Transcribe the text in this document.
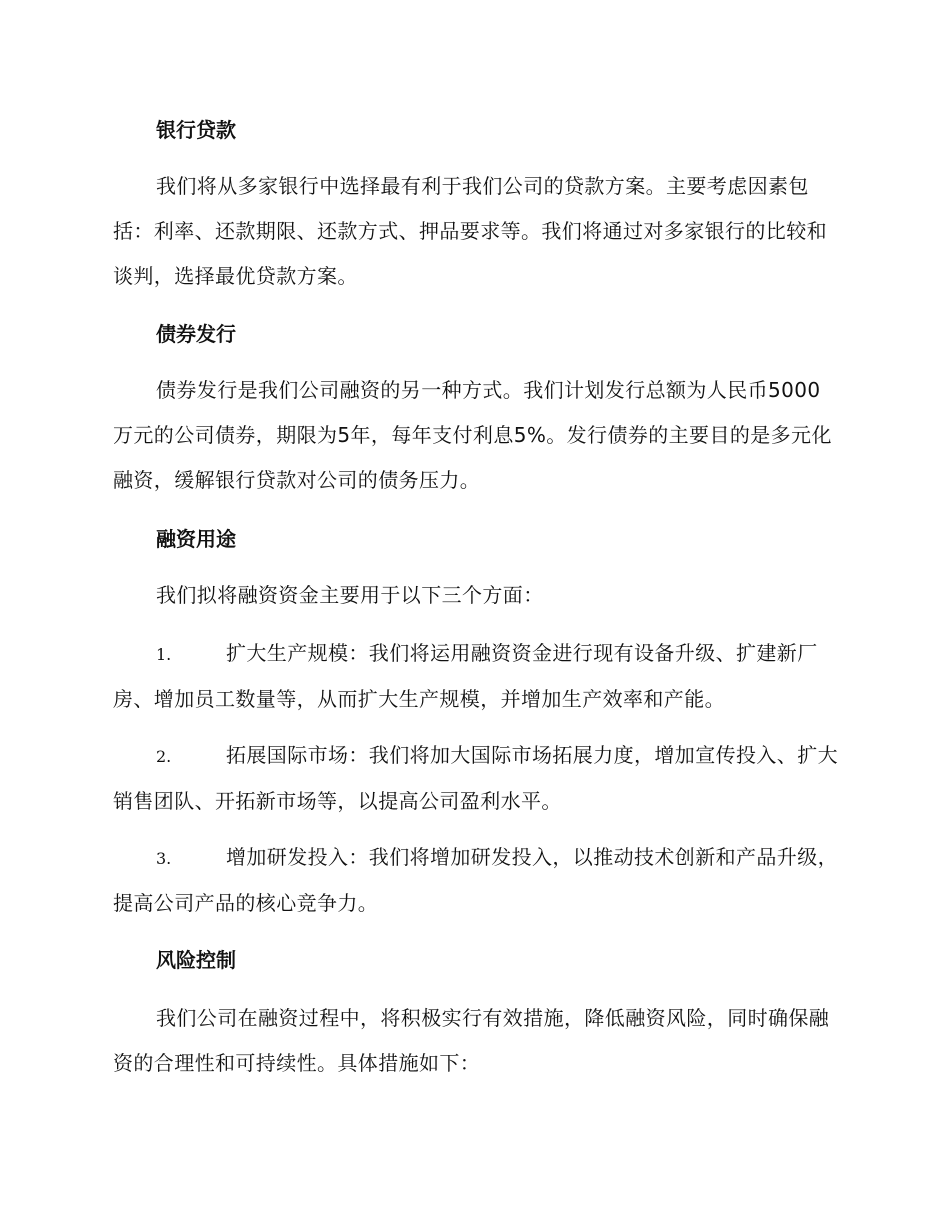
银行贷款
我们将从多家银行中选择最有利于我们公司的贷款方案。主要考虑因素包括：利率、还款期限、还款方式、押品要求等。我们将通过对多家银行的比较和谈判，选择最优贷款方案。
债券发行
债券发行是我们公司融资的另一种方式。我们计划发行总额为人民币5000万元的公司债券，期限为5年，每年支付利息5%。发行债券的主要目的是多元化融资，缓解银行贷款对公司的债务压力。
融资用途
我们拟将融资资金主要用于以下三个方面：
1.	扩大生产规模：我们将运用融资资金进行现有设备升级、扩建新厂房、增加员工数量等，从而扩大生产规模，并增加生产效率和产能。
2.	拓展国际市场：我们将加大国际市场拓展力度，增加宣传投入、扩大销售团队、开拓新市场等，以提高公司盈利水平。
3.	增加研发投入：我们将增加研发投入，以推动技术创新和产品升级，提高公司产品的核心竞争力。
风险控制
我们公司在融资过程中，将积极实行有效措施，降低融资风险，同时确保融资的合理性和可持续性。具体措施如下：
